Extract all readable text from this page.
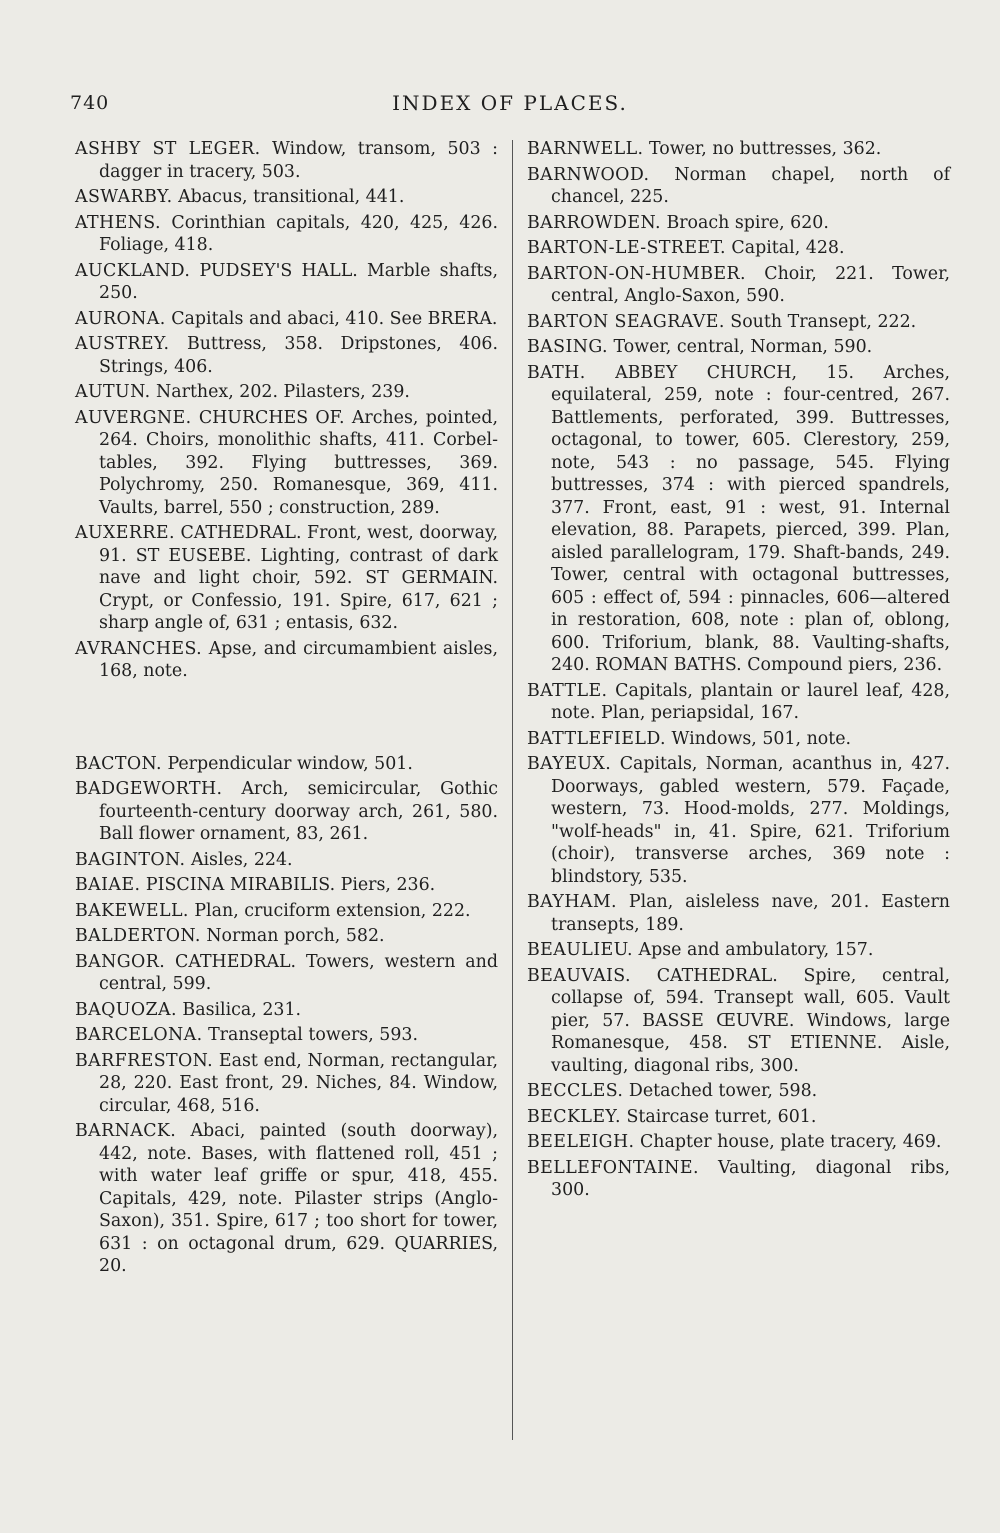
740	INDEX OF PLACES.

ASHBY ST LEGER. Window, transom, 503 : dagger in tracery, 503.

ASWARBY. Abacus, transitional, 441.

ATHENS. Corinthian capitals, 420, 425, 426. Foliage, 418.

AUCKLAND. PUDSEY'S HALL. Marble shafts, 250.

AURONA. Capitals and abaci, 410. See BRERA.

AUSTREY. Buttress, 358. Dripstones, 406. Strings, 406.

AUTUN. Narthex, 202. Pilasters, 239.

AUVERGNE. CHURCHES OF. Arches, pointed, 264. Choirs, monolithic shafts, 411. Corbel-tables, 392. Flying buttresses, 369. Polychromy, 250. Romanesque, 369, 411. Vaults, barrel, 550 ; construction, 289.

AUXERRE. CATHEDRAL. Front, west, doorway, 91. ST EUSEBE. Lighting, contrast of dark nave and light choir, 592. ST GERMAIN. Crypt, or Confessio, 191. Spire, 617, 621 ; sharp angle of, 631 ; entasis, 632.

AVRANCHES. Apse, and circumambient aisles, 168, note.

BACTON. Perpendicular window, 501.

BADGEWORTH. Arch, semicircular, Gothic fourteenth-century doorway arch, 261, 580. Ball flower ornament, 83, 261.

BAGINTON. Aisles, 224.

BAIAE. PISCINA MIRABILIS. Piers, 236.

BAKEWELL. Plan, cruciform extension, 222.

BALDERTON. Norman porch, 582.

BANGOR. CATHEDRAL. Towers, western and central, 599.

BAQUOZA. Basilica, 231.

BARCELONA. Transeptal towers, 593.

BARFRESTON. East end, Norman, rectangular, 28, 220. East front, 29. Niches, 84. Window, circular, 468, 516.

BARNACK. Abaci, painted (south doorway), 442, note. Bases, with flattened roll, 451 ; with water leaf griffe or spur, 418, 455. Capitals, 429, note. Pilaster strips (Anglo-Saxon), 351. Spire, 617 ; too short for tower, 631 : on octagonal drum, 629. QUARRIES, 20.

BARNWELL. Tower, no buttresses, 362.

BARNWOOD. Norman chapel, north of chancel, 225.

BARROWDEN. Broach spire, 620.

BARTON-LE-STREET. Capital, 428.

BARTON-ON-HUMBER. Choir, 221. Tower, central, Anglo-Saxon, 590.

BARTON SEAGRAVE. South Transept, 222.

BASING. Tower, central, Norman, 590.

BATH. ABBEY CHURCH, 15. Arches, equilateral, 259, note : four-centred, 267. Battlements, perforated, 399. Buttresses, octagonal, to tower, 605. Clerestory, 259, note, 543 : no passage, 545. Flying buttresses, 374 : with pierced spandrels, 377. Front, east, 91 : west, 91. Internal elevation, 88. Parapets, pierced, 399. Plan, aisled parallelogram, 179. Shaft-bands, 249. Tower, central with octagonal buttresses, 605 : effect of, 594 : pinnacles, 606—altered in restoration, 608, note : plan of, oblong, 600. Triforium, blank, 88. Vaulting-shafts, 240. ROMAN BATHS. Compound piers, 236.

BATTLE. Capitals, plantain or laurel leaf, 428, note. Plan, periapsidal, 167.

BATTLEFIELD. Windows, 501, note.

BAYEUX. Capitals, Norman, acanthus in, 427. Doorways, gabled western, 579. Façade, western, 73. Hood-molds, 277. Moldings, "wolf-heads" in, 41. Spire, 621. Triforium (choir), transverse arches, 369 note : blindstory, 535.

BAYHAM. Plan, aisleless nave, 201. Eastern transepts, 189.

BEAULIEU. Apse and ambulatory, 157.

BEAUVAIS. CATHEDRAL. Spire, central, collapse of, 594. Transept wall, 605. Vault pier, 57. BASSE ŒUVRE. Windows, large Romanesque, 458. ST ETIENNE. Aisle, vaulting, diagonal ribs, 300.

BECCLES. Detached tower, 598.

BECKLEY. Staircase turret, 601.

BEELEIGH. Chapter house, plate tracery, 469.

BELLEFONTAINE. Vaulting, diagonal ribs, 300.
